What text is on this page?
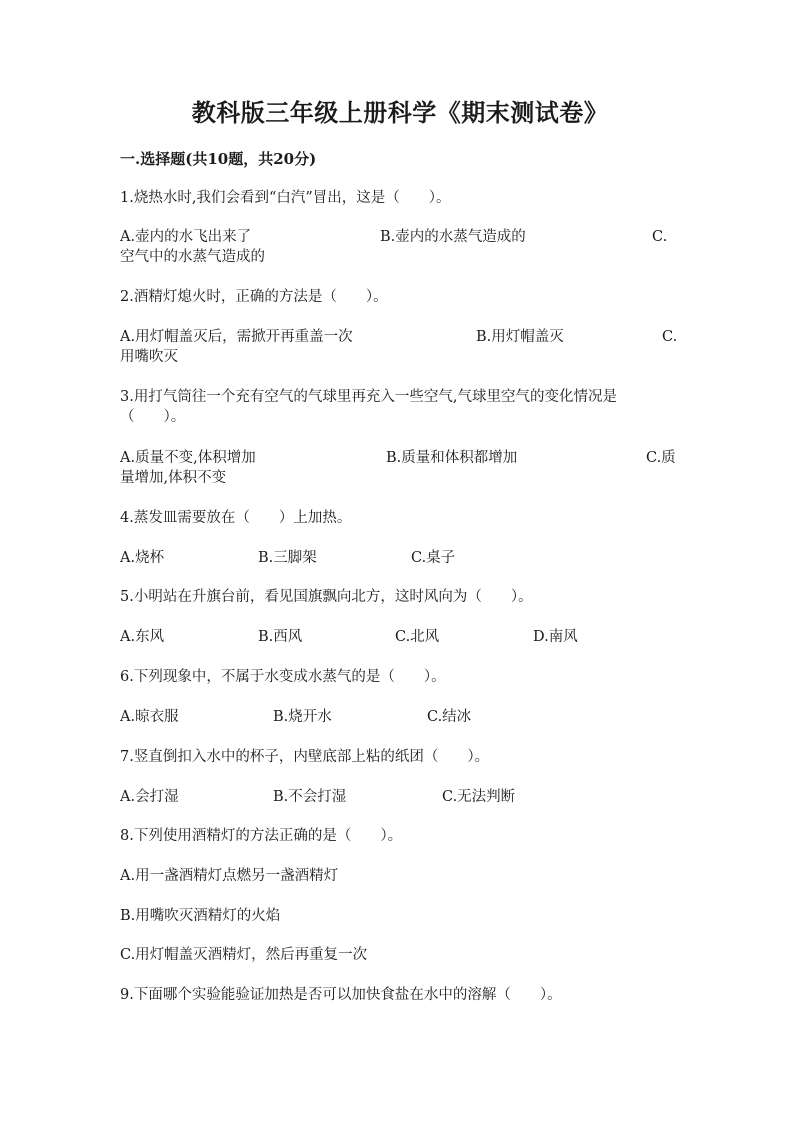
教科版三年级上册科学《期末测试卷》
一.选择题(共10题，共20分)
1.烧热水时,我们会看到“白汽”冒出，这是（　　）。
A.壶内的水飞出来了	B.壶内的水蒸气造成的	C.
空气中的水蒸气造成的
2.酒精灯熄火时，正确的方法是（　　）。
A.用灯帽盖灭后，需掀开再重盖一次	B.用灯帽盖灭	C.
用嘴吹灭
3.用打气筒往一个充有空气的气球里再充入一些空气,气球里空气的变化情况是
（　　）。
A.质量不变,体积增加	B.质量和体积都增加	C.质
量增加,体积不变
4.蒸发皿需要放在（　　）上加热。
A.烧杯	B.三脚架	C.桌子
5.小明站在升旗台前，看见国旗飘向北方，这时风向为（　　）。
A.东风	B.西风	C.北风	D.南风
6.下列现象中，不属于水变成水蒸气的是（　　）。
A.晾衣服	B.烧开水	C.结冰
7.竖直倒扣入水中的杯子，内壁底部上粘的纸团（　　）。
A.会打湿	B.不会打湿	C.无法判断
8.下列使用酒精灯的方法正确的是（　　）。
A.用一盏酒精灯点燃另一盏酒精灯
B.用嘴吹灭酒精灯的火焰
C.用灯帽盖灭酒精灯，然后再重复一次
9.下面哪个实验能验证加热是否可以加快食盐在水中的溶解（　　）。
